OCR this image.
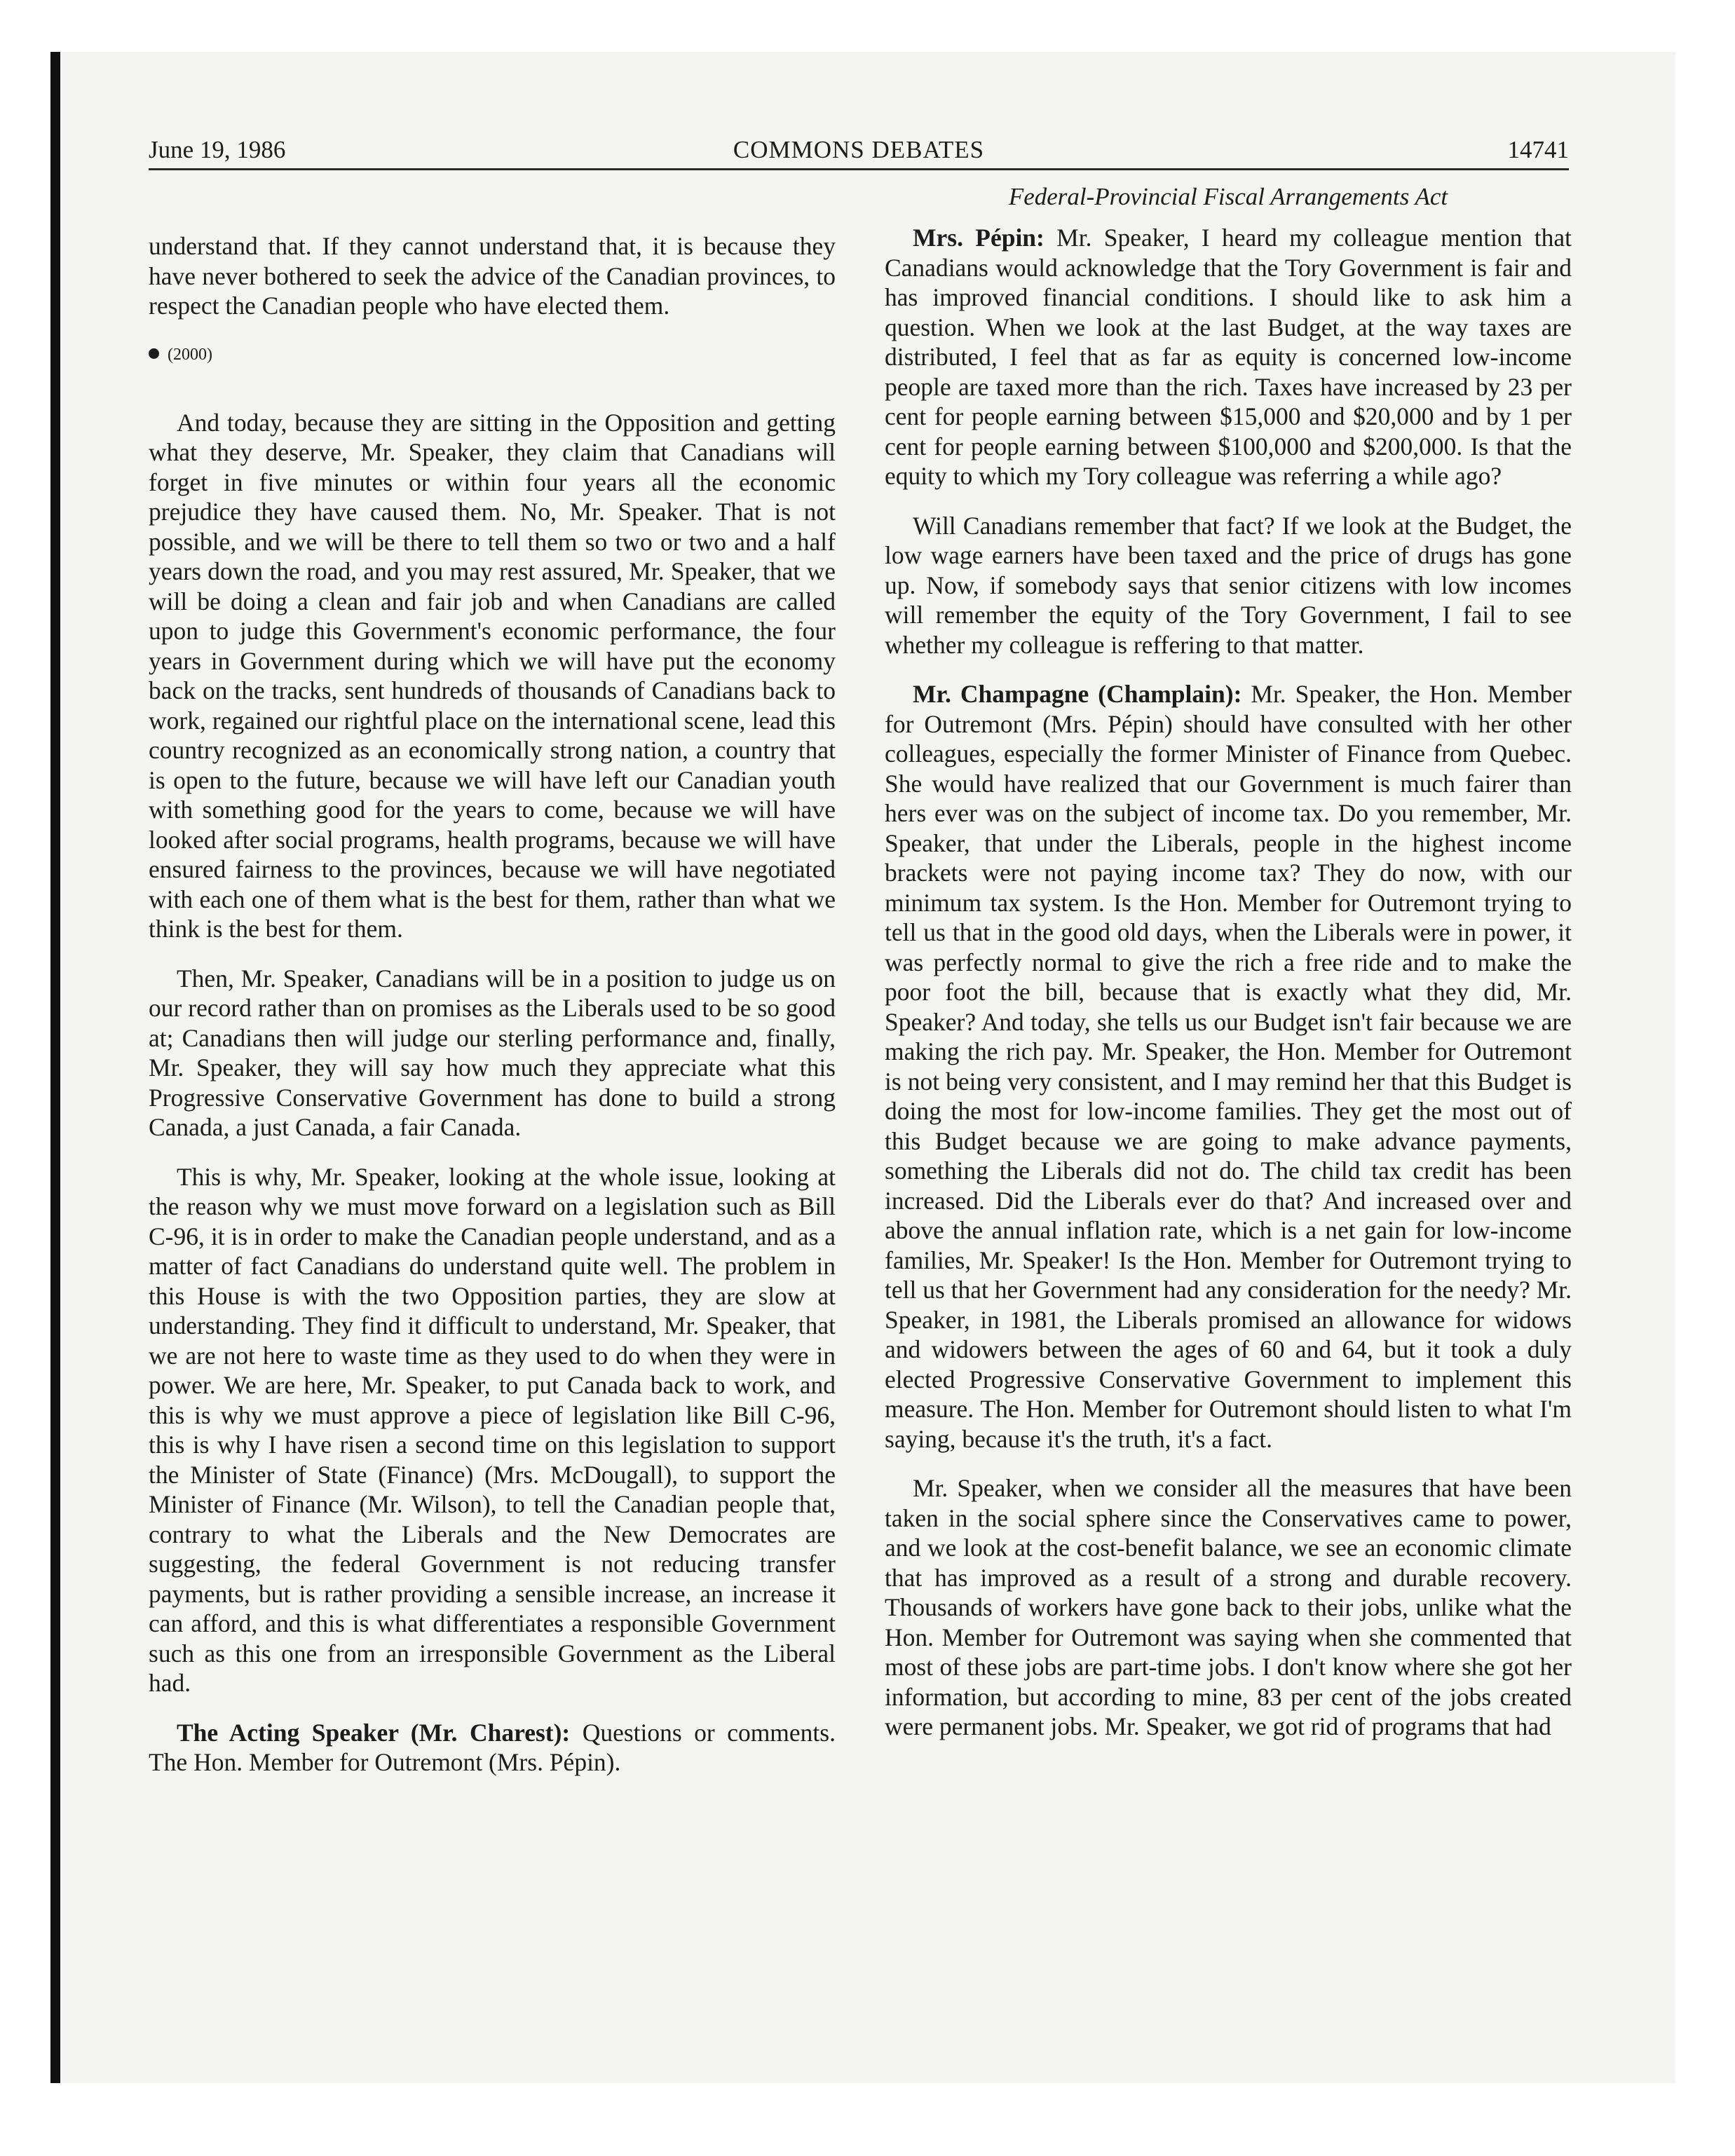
June 19, 1986	COMMONS DEBATES	14741
Federal-Provincial Fiscal Arrangements Act

understand that. If they cannot understand that, it is because they have never bothered to seek the advice of the Canadian provinces, to respect the Canadian people who have elected them.

(2000)

And today, because they are sitting in the Opposition and getting what they deserve, Mr. Speaker, they claim that Canadians will forget in five minutes or within four years all the economic prejudice they have caused them. No, Mr. Speaker. That is not possible, and we will be there to tell them so two or two and a half years down the road, and you may rest assured, Mr. Speaker, that we will be doing a clean and fair job and when Canadians are called upon to judge this Government's economic performance, the four years in Government during which we will have put the economy back on the tracks, sent hundreds of thousands of Canadians back to work, regained our rightful place on the international scene, lead this country recognized as an economically strong nation, a country that is open to the future, because we will have left our Canadian youth with something good for the years to come, because we will have looked after social programs, health programs, because we will have ensured fairness to the provinces, because we will have negotiated with each one of them what is the best for them, rather than what we think is the best for them.

Then, Mr. Speaker, Canadians will be in a position to judge us on our record rather than on promises as the Liberals used to be so good at; Canadians then will judge our sterling performance and, finally, Mr. Speaker, they will say how much they appreciate what this Progressive Conservative Government has done to build a strong Canada, a just Canada, a fair Canada.

This is why, Mr. Speaker, looking at the whole issue, looking at the reason why we must move forward on a legislation such as Bill C-96, it is in order to make the Canadian people understand, and as a matter of fact Canadians do understand quite well. The problem in this House is with the two Opposition parties, they are slow at understanding. They find it difficult to understand, Mr. Speaker, that we are not here to waste time as they used to do when they were in power. We are here, Mr. Speaker, to put Canada back to work, and this is why we must approve a piece of legislation like Bill C-96, this is why I have risen a second time on this legislation to support the Minister of State (Finance) (Mrs. McDougall), to support the Minister of Finance (Mr. Wilson), to tell the Canadian people that, contrary to what the Liberals and the New Democrates are suggesting, the federal Government is not reducing transfer payments, but is rather providing a sensible increase, an increase it can afford, and this is what differentiates a responsible Government such as this one from an irresponsible Government as the Liberal had.

The Acting Speaker (Mr. Charest): Questions or comments. The Hon. Member for Outremont (Mrs. Pépin).

Mrs. Pépin: Mr. Speaker, I heard my colleague mention that Canadians would acknowledge that the Tory Government is fair and has improved financial conditions. I should like to ask him a question. When we look at the last Budget, at the way taxes are distributed, I feel that as far as equity is concerned low-income people are taxed more than the rich. Taxes have increased by 23 per cent for people earning between $15,000 and $20,000 and by 1 per cent for people earning between $100,000 and $200,000. Is that the equity to which my Tory colleague was referring a while ago?

Will Canadians remember that fact? If we look at the Budget, the low wage earners have been taxed and the price of drugs has gone up. Now, if somebody says that senior citizens with low incomes will remember the equity of the Tory Government, I fail to see whether my colleague is reffering to that matter.

Mr. Champagne (Champlain): Mr. Speaker, the Hon. Member for Outremont (Mrs. Pépin) should have consulted with her other colleagues, especially the former Minister of Finance from Quebec. She would have realized that our Government is much fairer than hers ever was on the subject of income tax. Do you remember, Mr. Speaker, that under the Liberals, people in the highest income brackets were not paying income tax? They do now, with our minimum tax system. Is the Hon. Member for Outremont trying to tell us that in the good old days, when the Liberals were in power, it was perfectly normal to give the rich a free ride and to make the poor foot the bill, because that is exactly what they did, Mr. Speaker? And today, she tells us our Budget isn't fair because we are making the rich pay. Mr. Speaker, the Hon. Member for Outremont is not being very consistent, and I may remind her that this Budget is doing the most for low-income families. They get the most out of this Budget because we are going to make advance payments, something the Liberals did not do. The child tax credit has been increased. Did the Liberals ever do that? And increased over and above the annual inflation rate, which is a net gain for low-income families, Mr. Speaker! Is the Hon. Member for Outremont trying to tell us that her Government had any consideration for the needy? Mr. Speaker, in 1981, the Liberals promised an allowance for widows and widowers between the ages of 60 and 64, but it took a duly elected Progressive Conservative Government to implement this measure. The Hon. Member for Outremont should listen to what I'm saying, because it's the truth, it's a fact.

Mr. Speaker, when we consider all the measures that have been taken in the social sphere since the Conservatives came to power, and we look at the cost-benefit balance, we see an economic climate that has improved as a result of a strong and durable recovery. Thousands of workers have gone back to their jobs, unlike what the Hon. Member for Outremont was saying when she commented that most of these jobs are part-time jobs. I don't know where she got her information, but according to mine, 83 per cent of the jobs created were permanent jobs. Mr. Speaker, we got rid of programs that had
